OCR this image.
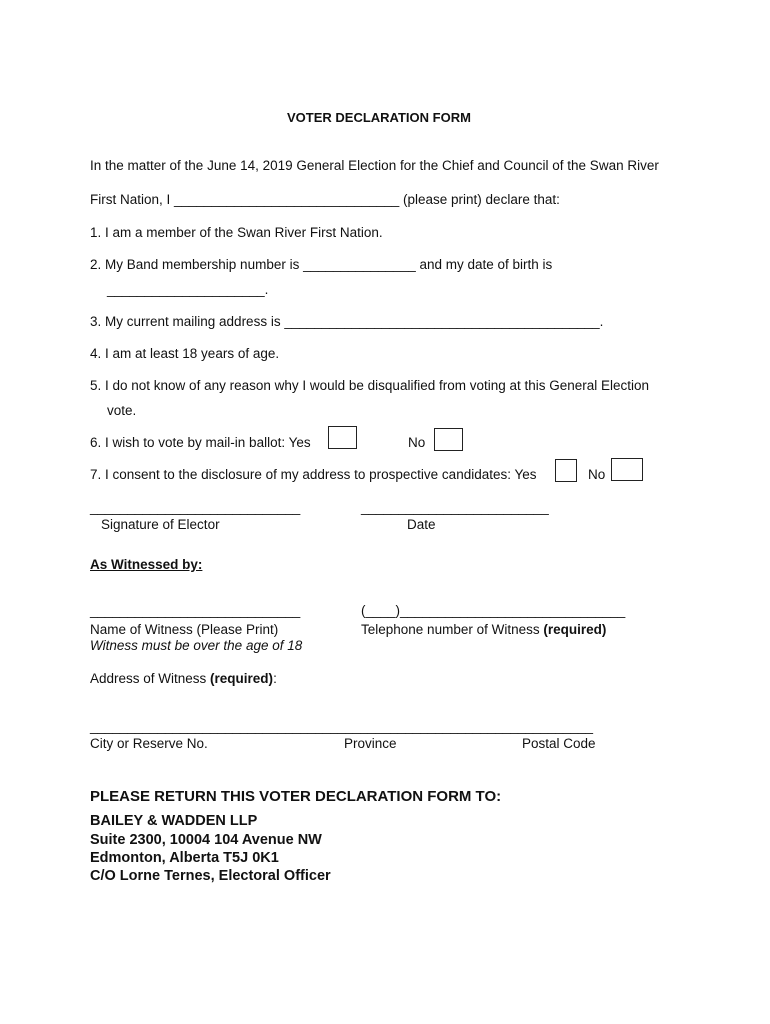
VOTER DECLARATION FORM
In the matter of the June 14, 2019 General Election for the Chief and Council of the Swan River
First Nation, I ______________________________ (please print) declare that:
1. I am a member of the Swan River First Nation.
2. My Band membership number is _______________ and my date of birth is
_____________________.
3. My current mailing address is __________________________________________.
4. I am at least 18 years of age.
5. I do not know of any reason why I would be disqualified from voting at this General Election
vote.
6. I wish to vote by mail-in ballot: Yes	No
7. I consent to the disclosure of my address to prospective candidates: Yes	No
____________________________
Signature of Elector
_________________________
Date
As Witnessed by:
____________________________
Name of Witness (Please Print)
Witness must be over the age of 18
(____)______________________________
Telephone number of Witness (required)
Address of Witness (required):
___________________________________________________________________
City or Reserve No.	Province	Postal Code
PLEASE RETURN THIS VOTER DECLARATION FORM TO:
BAILEY & WADDEN LLP
Suite 2300, 10004 104 Avenue NW
Edmonton, Alberta T5J 0K1
C/O Lorne Ternes, Electoral Officer
